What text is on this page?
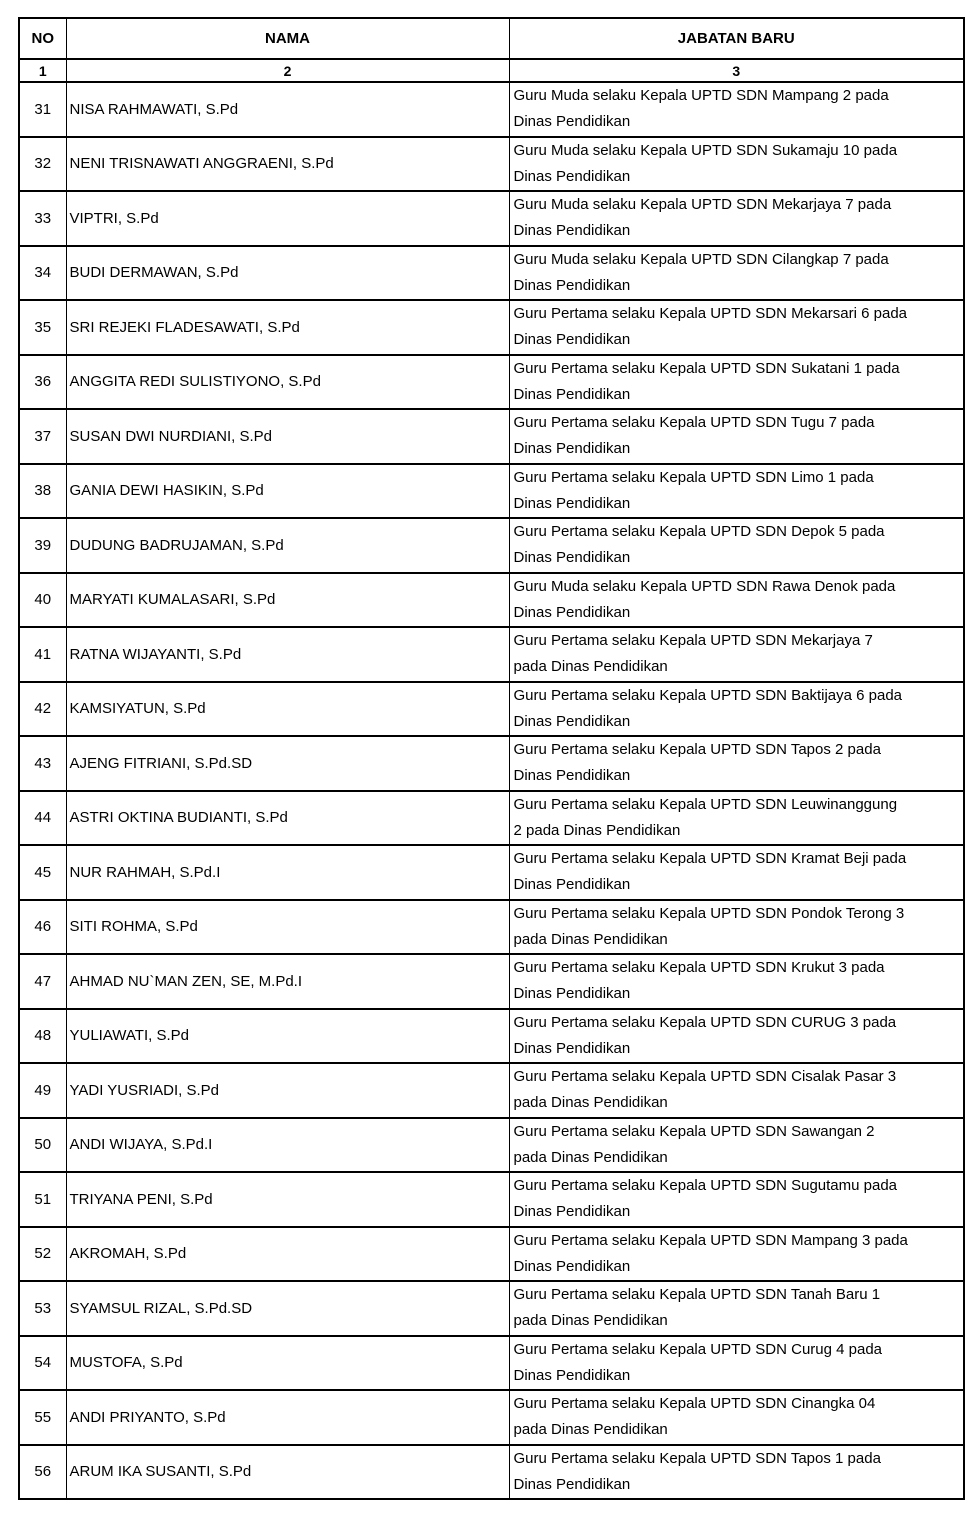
NO	NAMA	JABATAN BARU
1	2	3
31	NISA RAHMAWATI, S.Pd	Guru Muda selaku Kepala UPTD SDN Mampang 2 pada
Dinas Pendidikan
32	NENI TRISNAWATI ANGGRAENI, S.Pd	Guru Muda selaku Kepala UPTD SDN Sukamaju 10 pada
Dinas Pendidikan
33	VIPTRI, S.Pd	Guru Muda selaku Kepala UPTD SDN Mekarjaya 7 pada
Dinas Pendidikan
34	BUDI DERMAWAN, S.Pd	Guru Muda selaku Kepala UPTD SDN Cilangkap 7 pada
Dinas Pendidikan
35	SRI REJEKI FLADESAWATI, S.Pd	Guru Pertama selaku Kepala UPTD SDN Mekarsari 6 pada
Dinas Pendidikan
36	ANGGITA REDI SULISTIYONO, S.Pd	Guru Pertama selaku Kepala UPTD SDN Sukatani 1 pada
Dinas Pendidikan
37	SUSAN DWI NURDIANI, S.Pd	Guru Pertama selaku Kepala UPTD SDN Tugu 7 pada
Dinas Pendidikan
38	GANIA DEWI HASIKIN, S.Pd	Guru Pertama selaku Kepala UPTD SDN Limo 1 pada
Dinas Pendidikan
39	DUDUNG BADRUJAMAN, S.Pd	Guru Pertama selaku Kepala UPTD SDN Depok 5 pada
Dinas Pendidikan
40	MARYATI KUMALASARI, S.Pd	Guru Muda selaku Kepala UPTD SDN Rawa Denok pada
Dinas Pendidikan
41	RATNA WIJAYANTI, S.Pd	Guru Pertama selaku Kepala UPTD SDN Mekarjaya 7
pada Dinas Pendidikan
42	KAMSIYATUN, S.Pd	Guru Pertama selaku Kepala UPTD SDN Baktijaya 6 pada
Dinas Pendidikan
43	AJENG FITRIANI, S.Pd.SD	Guru Pertama selaku Kepala UPTD SDN Tapos 2 pada
Dinas Pendidikan
44	ASTRI OKTINA BUDIANTI, S.Pd	Guru Pertama selaku Kepala UPTD SDN Leuwinanggung
2 pada Dinas Pendidikan
45	NUR RAHMAH, S.Pd.I	Guru Pertama selaku Kepala UPTD SDN Kramat Beji pada
Dinas Pendidikan
46	SITI ROHMA, S.Pd	Guru Pertama selaku Kepala UPTD SDN Pondok Terong 3
pada Dinas Pendidikan
47	AHMAD NU`MAN ZEN, SE, M.Pd.I	Guru Pertama selaku Kepala UPTD SDN Krukut 3 pada
Dinas Pendidikan
48	YULIAWATI, S.Pd	Guru Pertama selaku Kepala UPTD SDN CURUG 3 pada
Dinas Pendidikan
49	YADI YUSRIADI, S.Pd	Guru Pertama selaku Kepala UPTD SDN Cisalak Pasar 3
pada Dinas Pendidikan
50	ANDI WIJAYA, S.Pd.I	Guru Pertama selaku Kepala UPTD SDN Sawangan 2
pada Dinas Pendidikan
51	TRIYANA PENI, S.Pd	Guru Pertama selaku Kepala UPTD SDN Sugutamu pada
Dinas Pendidikan
52	AKROMAH, S.Pd	Guru Pertama selaku Kepala UPTD SDN Mampang 3 pada
Dinas Pendidikan
53	SYAMSUL RIZAL, S.Pd.SD	Guru Pertama selaku Kepala UPTD SDN Tanah Baru 1
pada Dinas Pendidikan
54	MUSTOFA, S.Pd	Guru Pertama selaku Kepala UPTD SDN Curug 4 pada
Dinas Pendidikan
55	ANDI PRIYANTO, S.Pd	Guru Pertama selaku Kepala UPTD SDN Cinangka 04
pada Dinas Pendidikan
56	ARUM IKA SUSANTI, S.Pd	Guru Pertama selaku Kepala UPTD SDN Tapos 1 pada
Dinas Pendidikan
